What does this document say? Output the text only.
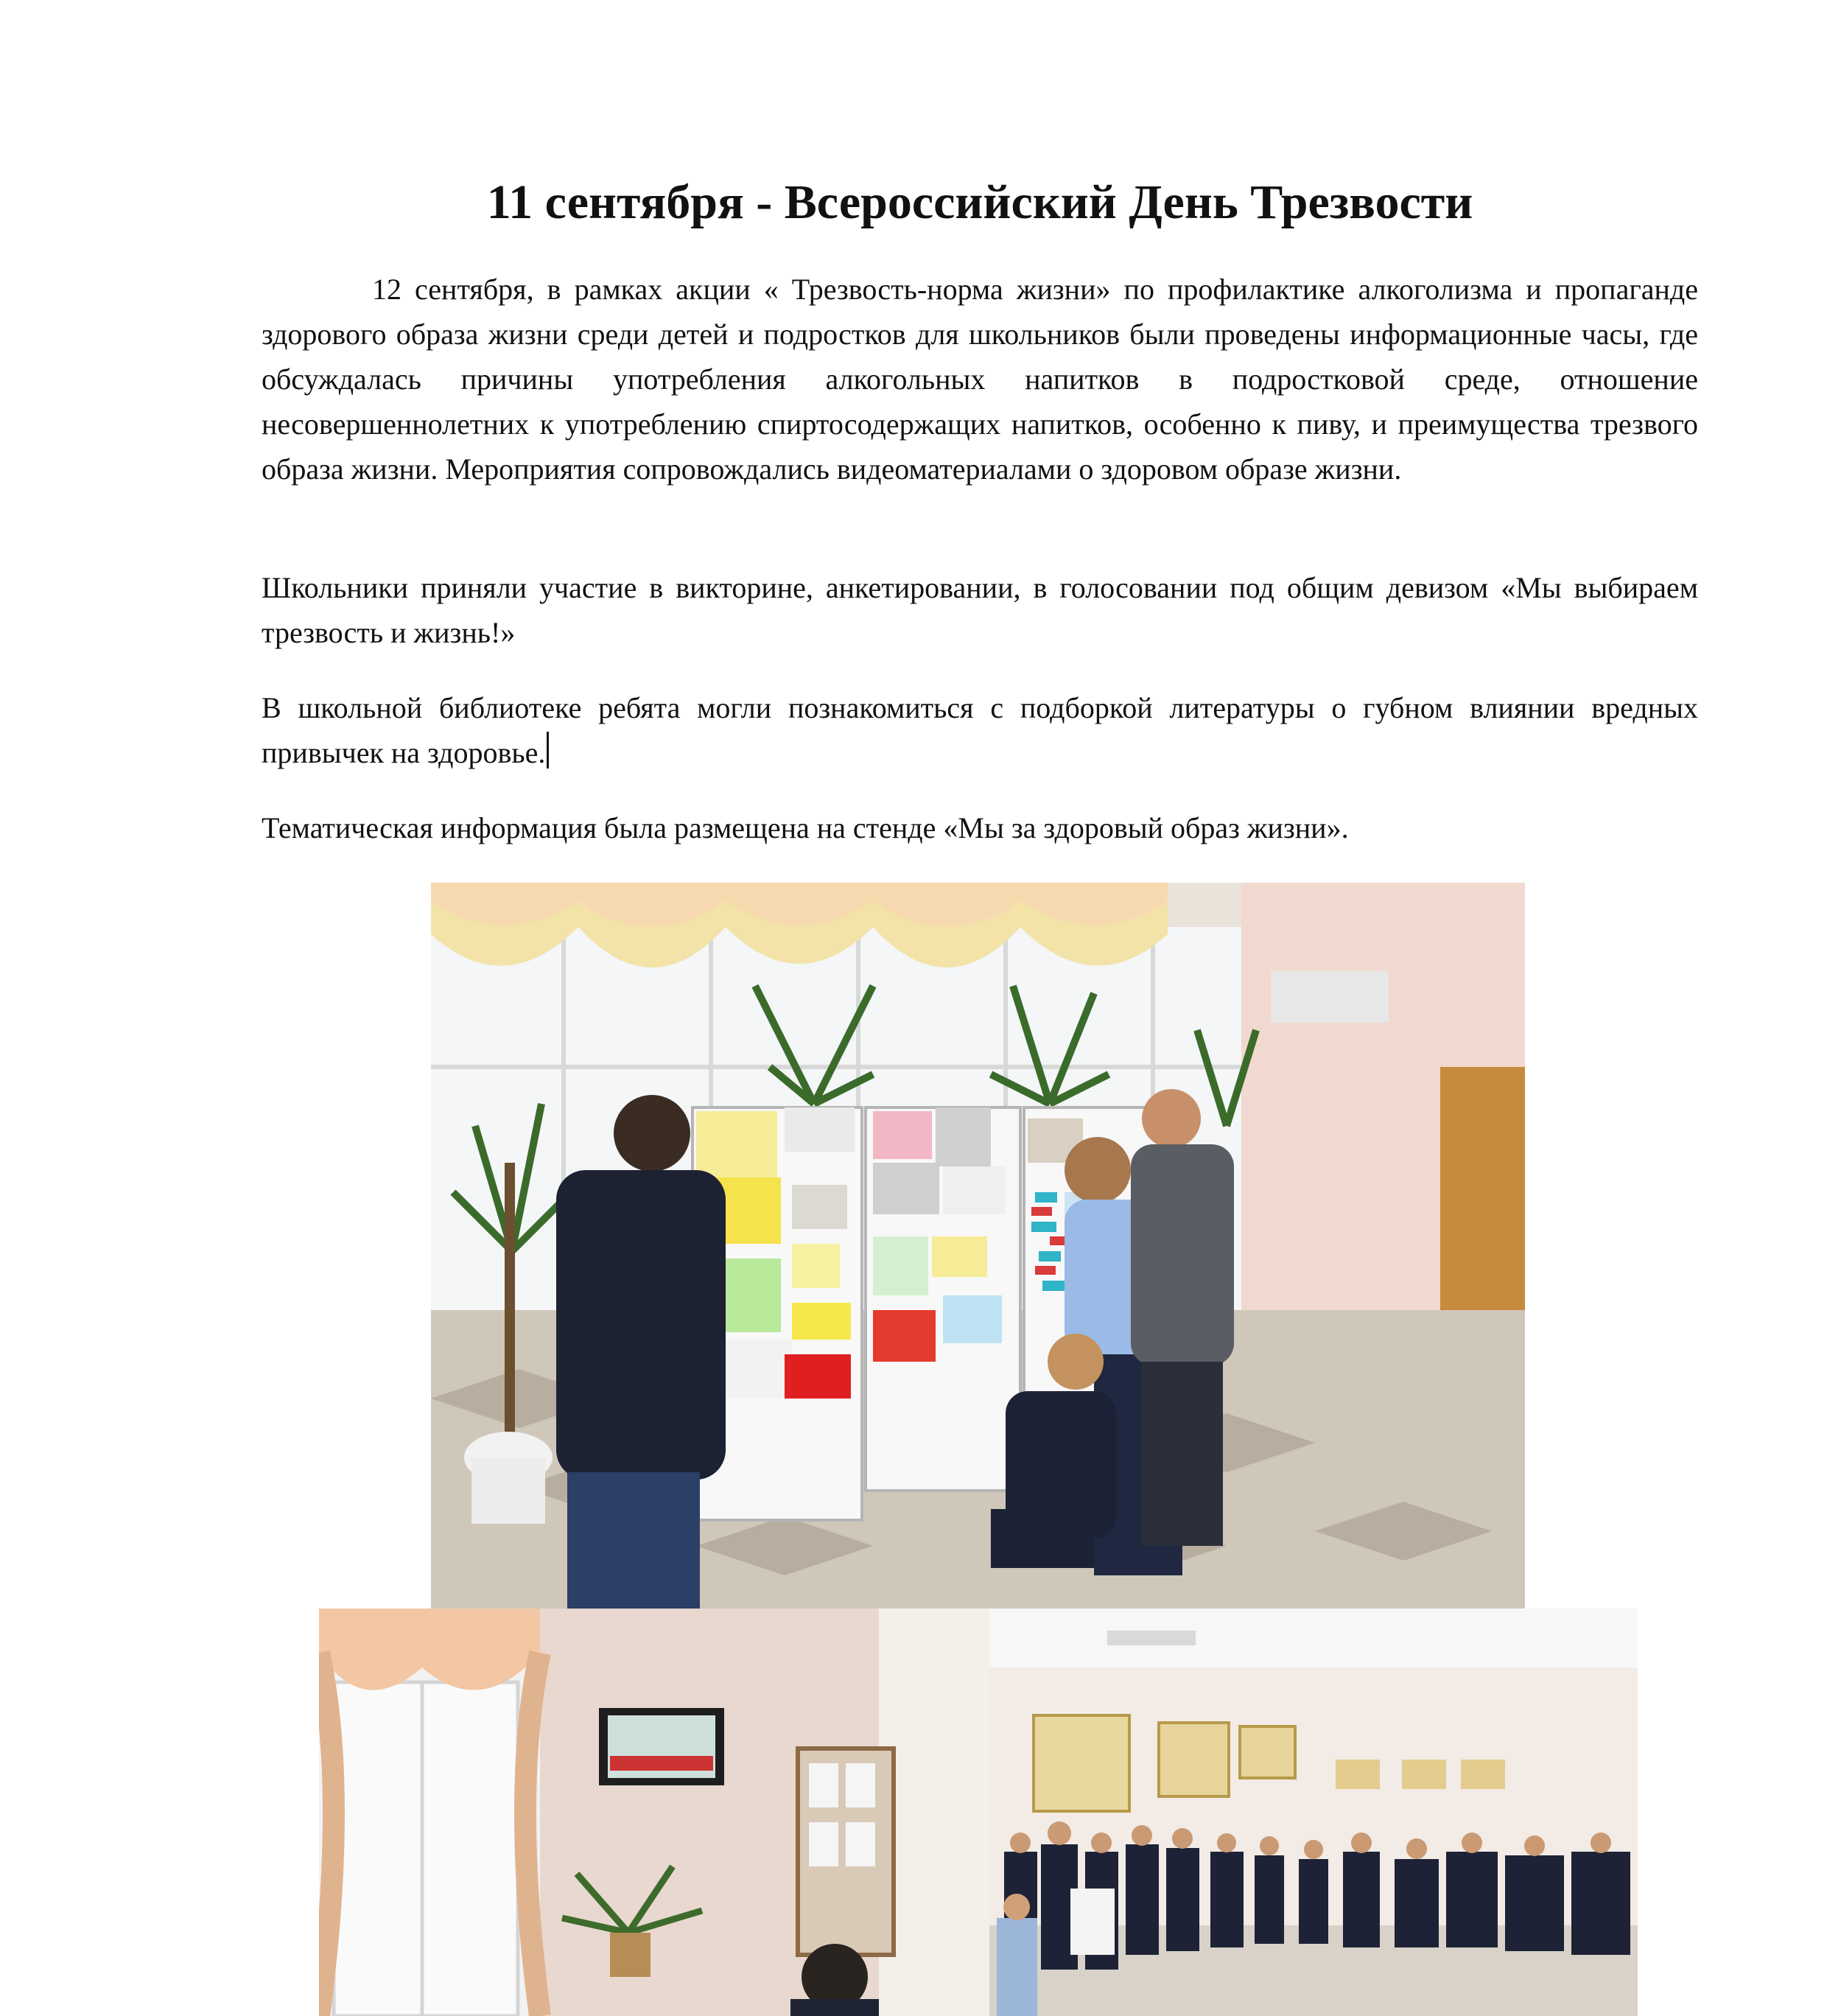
11 сентября - Всероссийский День Трезвости

12 сентября, в рамках акции « Трезвость-норма жизни» по профилактике алкоголизма и пропаганде здорового образа жизни среди детей и подростков для школьников были проведены информационные часы, где обсуждалась причины употребления алкогольных напитков в подростковой среде, отношение несовершеннолетних к употреблению спиртосодержащих напитков, особенно к пиву, и преимущества трезвого образа жизни. Мероприятия сопровождались видеоматериалами о здоровом образе жизни.

Школьники приняли участие в викторине, анкетировании, в голосовании под общим девизом «Мы выбираем трезвость и жизнь!»

В школьной библиотеке ребята могли познакомиться с подборкой литературы о губном влиянии вредных привычек на здоровье.

Тематическая информация была размещена на стенде «Мы за здоровый образ жизни».
